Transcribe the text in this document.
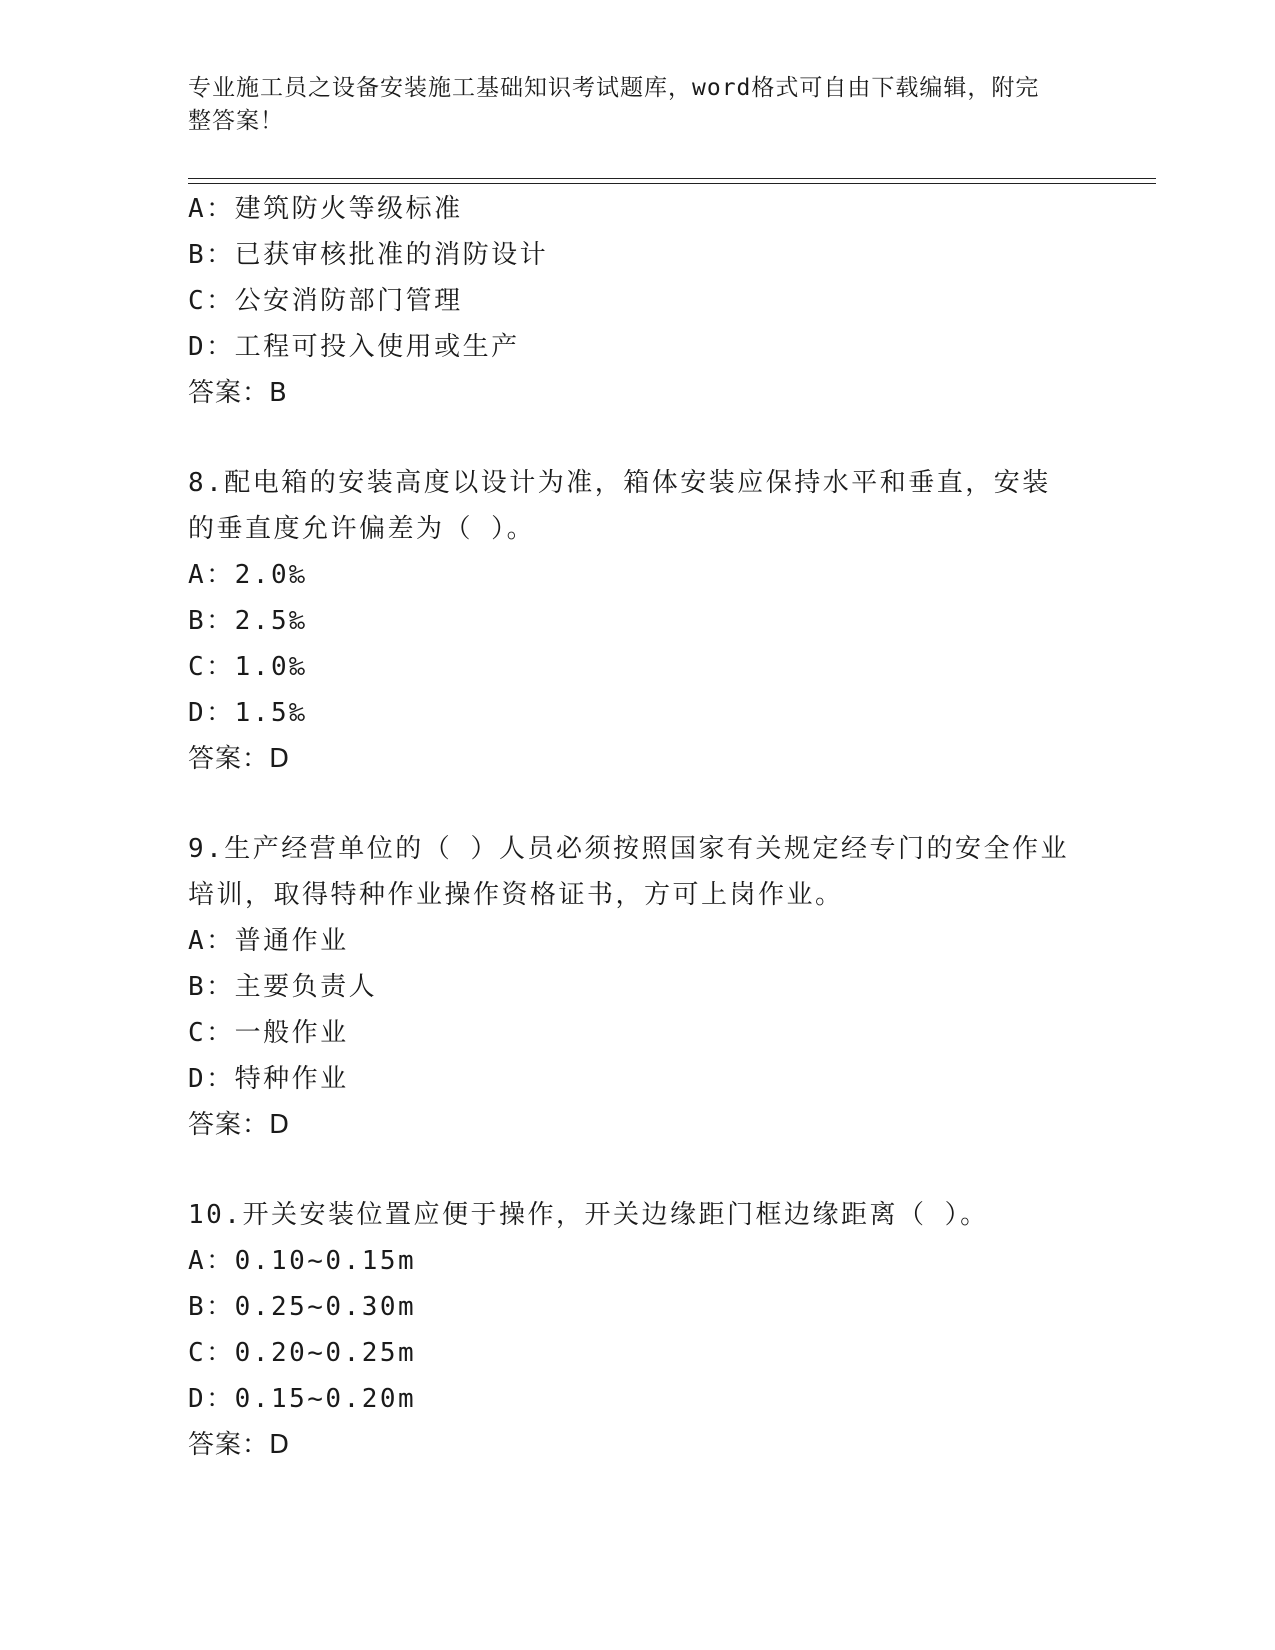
专业施工员之设备安装施工基础知识考试题库，word格式可自由下载编辑，附完
整答案！
A：建筑防火等级标准
B：已获审核批准的消防设计
C：公安消防部门管理
D：工程可投入使用或生产
答案：B
8.配电箱的安装高度以设计为准，箱体安装应保持水平和垂直，安装
的垂直度允许偏差为（ ）。
A：2.0‰
B：2.5‰
C：1.0‰
D：1.5‰
答案：D
9.生产经营单位的（ ）人员必须按照国家有关规定经专门的安全作业
培训，取得特种作业操作资格证书，方可上岗作业。
A：普通作业
B：主要负责人
C：一般作业
D：特种作业
答案：D
10.开关安装位置应便于操作，开关边缘距门框边缘距离（ ）。
A：0.10~0.15m
B：0.25~0.30m
C：0.20~0.25m
D：0.15~0.20m
答案：D
